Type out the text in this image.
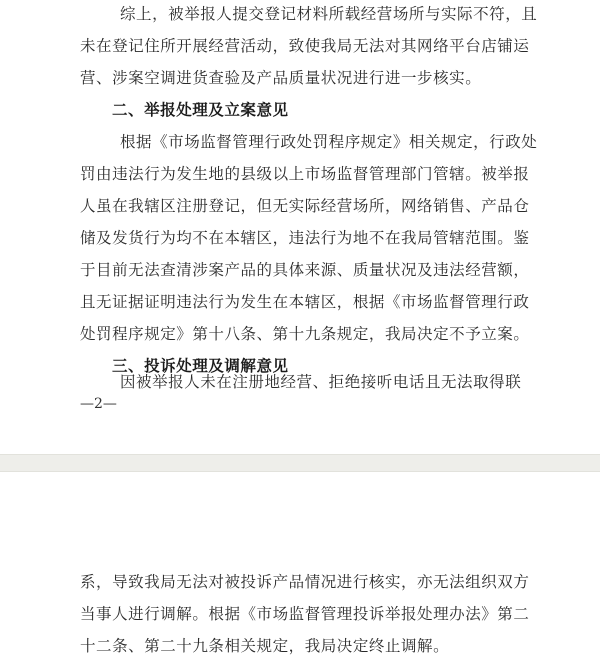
综上，被举报人提交登记材料所载经营场所与实际不符，且
未在登记住所开展经营活动，致使我局无法对其网络平台店铺运
营、涉案空调进货查验及产品质量状况进行进一步核实。
二、举报处理及立案意见
根据《市场监督管理行政处罚程序规定》相关规定，行政处
罚由违法行为发生地的县级以上市场监督管理部门管辖。被举报
人虽在我辖区注册登记，但无实际经营场所，网络销售、产品仓
储及发货行为均不在本辖区，违法行为地不在我局管辖范围。鉴
于目前无法查清涉案产品的具体来源、质量状况及违法经营额，
且无证据证明违法行为发生在本辖区，根据《市场监督管理行政
处罚程序规定》第十八条、第十九条规定，我局决定不予立案。
三、投诉处理及调解意见
因被举报人未在注册地经营、拒绝接听电话且无法取得联
—2—
系，导致我局无法对被投诉产品情况进行核实，亦无法组织双方
当事人进行调解。根据《市场监督管理投诉举报处理办法》第二
十二条、第二十九条相关规定，我局决定终止调解。
